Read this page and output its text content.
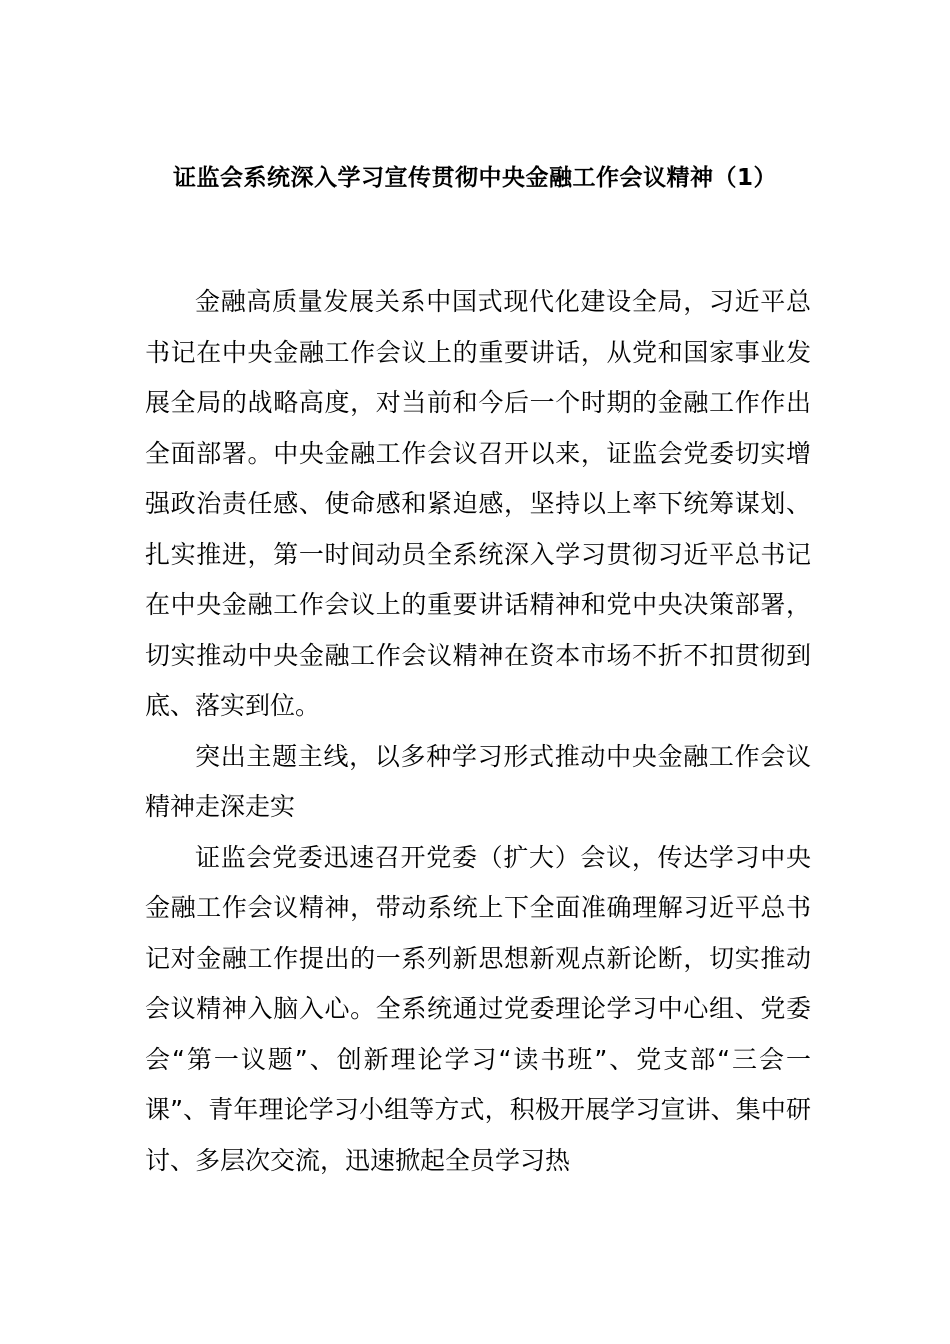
证监会系统深入学习宣传贯彻中央金融工作会议精神（1）

金融高质量发展关系中国式现代化建设全局，习近平总书记在中央金融工作会议上的重要讲话，从党和国家事业发展全局的战略高度，对当前和今后一个时期的金融工作作出全面部署。中央金融工作会议召开以来，证监会党委切实增强政治责任感、使命感和紧迫感，坚持以上率下统筹谋划、扎实推进，第一时间动员全系统深入学习贯彻习近平总书记在中央金融工作会议上的重要讲话精神和党中央决策部署，切实推动中央金融工作会议精神在资本市场不折不扣贯彻到底、落实到位。

突出主题主线，以多种学习形式推动中央金融工作会议精神走深走实

证监会党委迅速召开党委（扩大）会议，传达学习中央金融工作会议精神，带动系统上下全面准确理解习近平总书记对金融工作提出的一系列新思想新观点新论断，切实推动会议精神入脑入心。全系统通过党委理论学习中心组、党委会“第一议题”、创新理论学习“读书班”、党支部“三会一课”、青年理论学习小组等方式，积极开展学习宣讲、集中研讨、多层次交流，迅速掀起全员学习热
